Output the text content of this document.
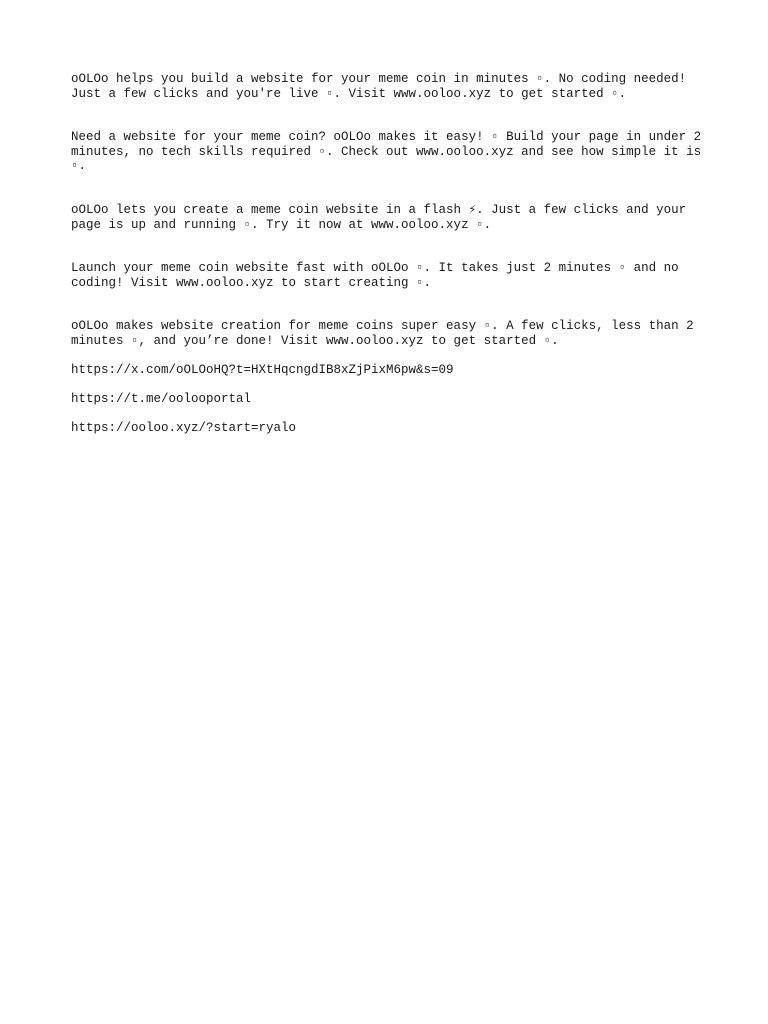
oOLOo helps you build a website for your meme coin in minutes ▫. No coding needed! Just a few clicks and you're live ▫. Visit www.ooloo.xyz to get started ▫.

Need a website for your meme coin? oOLOo makes it easy! ▫ Build your page in under 2 minutes, no tech skills required ▫. Check out www.ooloo.xyz and see how simple it is ▫.

oOLOo lets you create a meme coin website in a flash ⚡. Just a few clicks and your page is up and running ▫. Try it now at www.ooloo.xyz ▫.

Launch your meme coin website fast with oOLOo ▫. It takes just 2 minutes ▫ and no coding! Visit www.ooloo.xyz to start creating ▫.

oOLOo makes website creation for meme coins super easy ▫. A few clicks, less than 2 minutes ▫, and you’re done! Visit www.ooloo.xyz to get started ▫.

https://x.com/oOLOoHQ?t=HXtHqcngdIB8xZjPixM6pw&s=09
https://t.me/oolooportal
https://ooloo.xyz/?start=ryalo
